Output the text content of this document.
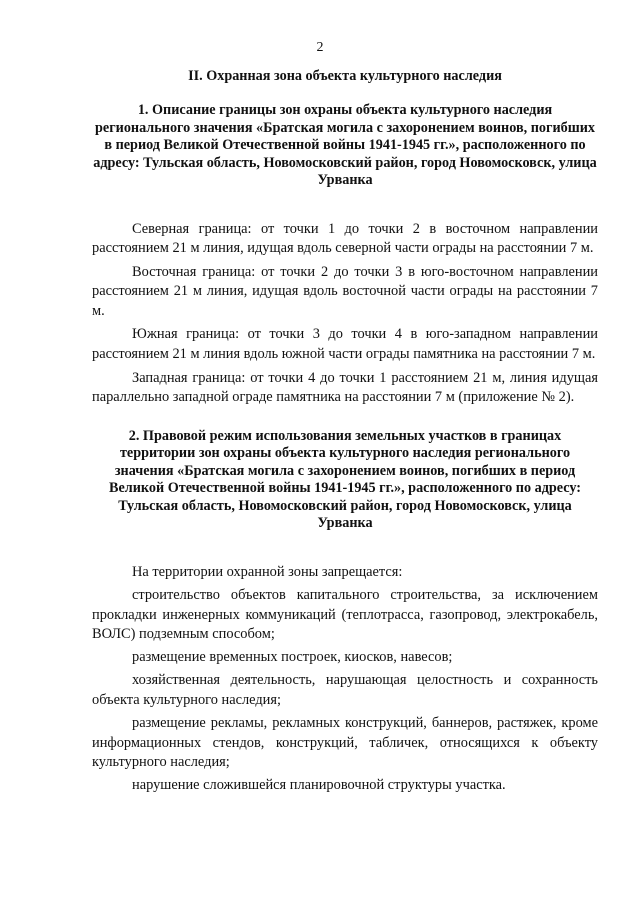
2

II. Охранная зона объекта культурного наследия

1. Описание границы зон охраны объекта культурного наследия регионального значения «Братская могила с захоронением воинов, погибших в период Великой Отечественной войны 1941-1945 гг.», расположенного по адресу: Тульская область, Новомосковский район, город Новомосковск, улица Урванка

Северная граница: от точки 1 до точки 2 в восточном направлении расстоянием 21 м линия, идущая вдоль северной части ограды на расстоянии 7 м.

Восточная граница: от точки 2 до точки 3 в юго-восточном направлении расстоянием 21 м линия, идущая вдоль восточной части ограды на расстоянии 7 м.

Южная граница: от точки 3 до точки 4 в юго-западном направлении расстоянием 21 м линия вдоль южной части ограды памятника на расстоянии 7 м.

Западная граница: от точки 4 до точки 1 расстоянием 21 м, линия идущая параллельно западной ограде памятника на расстоянии 7 м (приложение № 2).

2. Правовой режим использования земельных участков в границах территории зон охраны объекта культурного наследия регионального значения «Братская могила с захоронением воинов, погибших в период Великой Отечественной войны 1941-1945 гг.», расположенного по адресу: Тульская область, Новомосковский район, город Новомосковск, улица Урванка

На территории охранной зоны запрещается:

строительство объектов капитального строительства, за исключением прокладки инженерных коммуникаций (теплотрасса, газопровод, электрокабель, ВОЛС) подземным способом;

размещение временных построек, киосков, навесов;

хозяйственная деятельность, нарушающая целостность и сохранность объекта культурного наследия;

размещение рекламы, рекламных конструкций, баннеров, растяжек, кроме информационных стендов, конструкций, табличек, относящихся к объекту культурного наследия;

нарушение сложившейся планировочной структуры участка.
